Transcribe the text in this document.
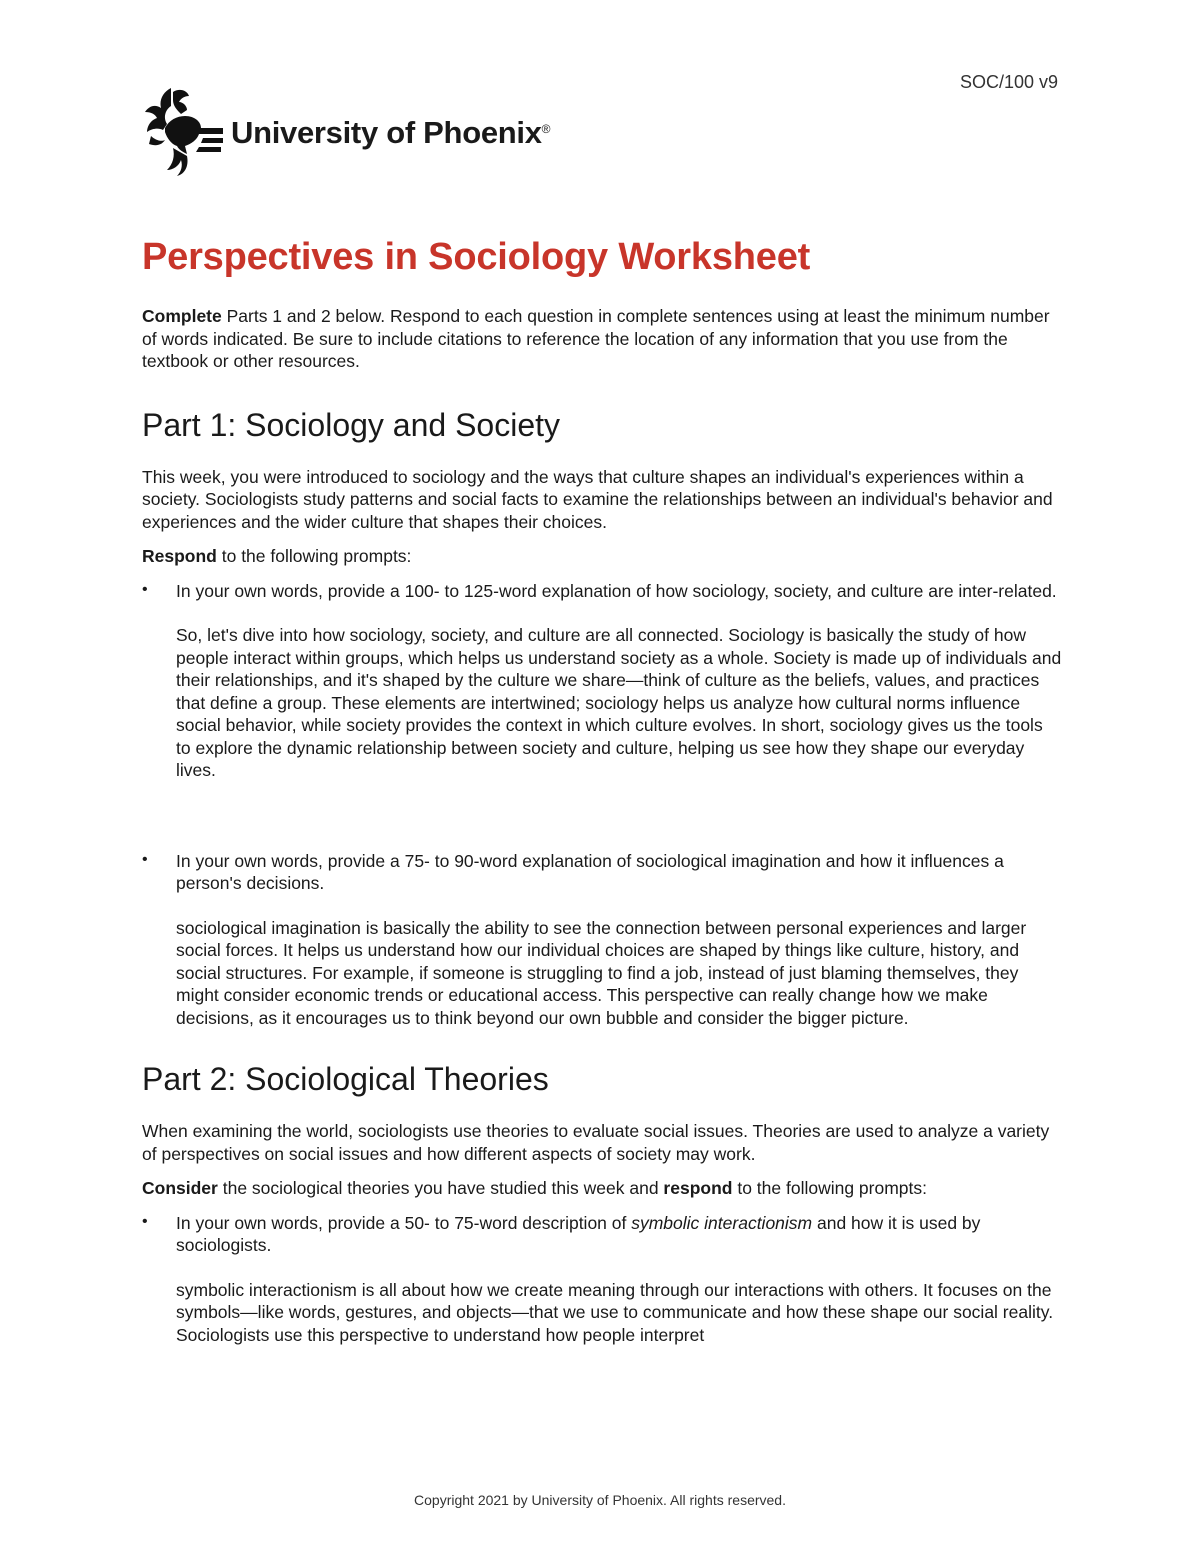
SOC/100 v9
University of Phoenix®
Perspectives in Sociology Worksheet

Complete Parts 1 and 2 below. Respond to each question in complete sentences using at least the minimum number of words indicated. Be sure to include citations to reference the location of any information that you use from the textbook or other resources.

Part 1: Sociology and Society

This week, you were introduced to sociology and the ways that culture shapes an individual's experiences within a society. Sociologists study patterns and social facts to examine the relationships between an individual's behavior and experiences and the wider culture that shapes their choices.

Respond to the following prompts:

• In your own words, provide a 100- to 125-word explanation of how sociology, society, and culture are inter-related.
So, let's dive into how sociology, society, and culture are all connected. Sociology is basically the study of how people interact within groups, which helps us understand society as a whole. Society is made up of individuals and their relationships, and it's shaped by the culture we share—think of culture as the beliefs, values, and practices that define a group. These elements are intertwined; sociology helps us analyze how cultural norms influence social behavior, while society provides the context in which culture evolves. In short, sociology gives us the tools to explore the dynamic relationship between society and culture, helping us see how they shape our everyday lives.
• In your own words, provide a 75- to 90-word explanation of sociological imagination and how it influences a person's decisions.
sociological imagination is basically the ability to see the connection between personal experiences and larger social forces. It helps us understand how our individual choices are shaped by things like culture, history, and social structures. For example, if someone is struggling to find a job, instead of just blaming themselves, they might consider economic trends or educational access. This perspective can really change how we make decisions, as it encourages us to think beyond our own bubble and consider the bigger picture.
Part 2: Sociological Theories

When examining the world, sociologists use theories to evaluate social issues. Theories are used to analyze a variety of perspectives on social issues and how different aspects of society may work.

Consider the sociological theories you have studied this week and respond to the following prompts:

• In your own words, provide a 50- to 75-word description of symbolic interactionism and how it is used by sociologists.
symbolic interactionism is all about how we create meaning through our interactions with others. It focuses on the symbols—like words, gestures, and objects—that we use to communicate and how these shape our social reality. Sociologists use this perspective to understand how people interpret
Copyright 2021 by University of Phoenix. All rights reserved.
